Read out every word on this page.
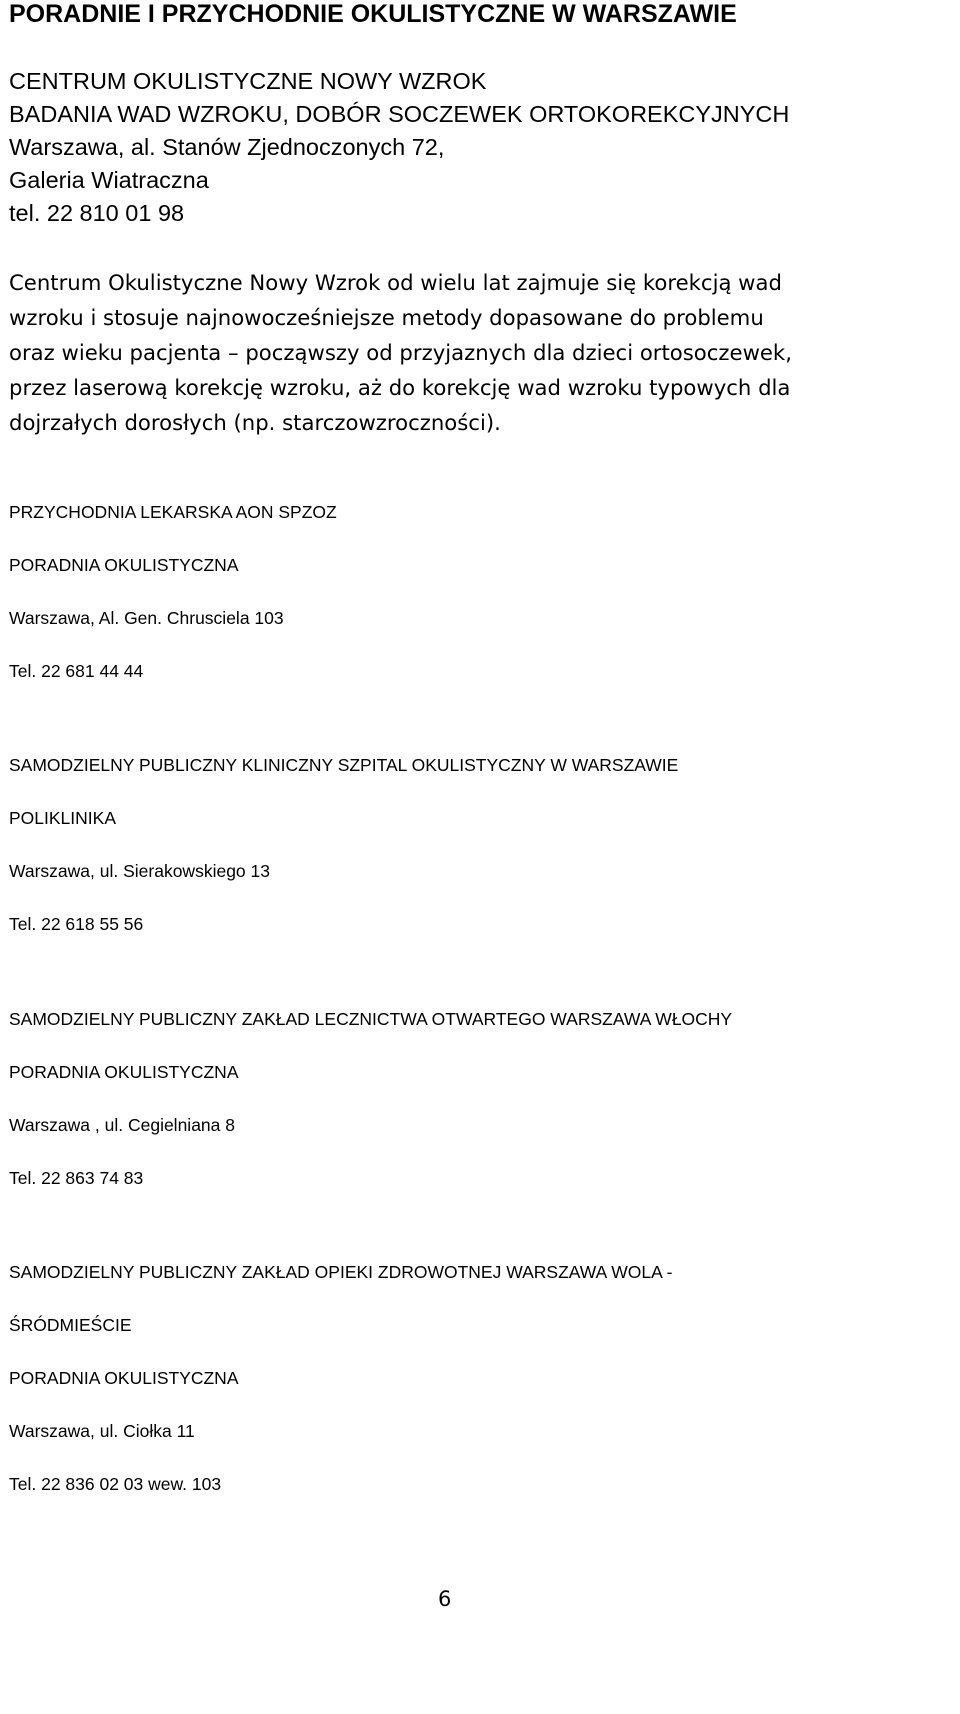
PORADNIE I PRZYCHODNIE OKULISTYCZNE W WARSZAWIE
CENTRUM OKULISTYCZNE NOWY WZROK
BADANIA WAD WZROKU, DOBÓR SOCZEWEK ORTOKOREKCYJNYCH
Warszawa, al. Stanów Zjednoczonych 72,
Galeria Wiatraczna
tel. 22 810 01 98
Centrum Okulistyczne Nowy Wzrok od wielu lat zajmuje się korekcją wad
wzroku i stosuje najnowocześniejsze metody dopasowane do problemu
oraz wieku pacjenta – począwszy od przyjaznych dla dzieci ortosoczewek,
przez laserową korekcję wzroku, aż do korekcję wad wzroku typowych dla
dojrzałych dorosłych (np. starczowzroczności).
PRZYCHODNIA LEKARSKA AON SPZOZ
PORADNIA OKULISTYCZNA
Warszawa, Al. Gen. Chrusciela 103
Tel. 22 681 44 44
SAMODZIELNY PUBLICZNY KLINICZNY SZPITAL OKULISTYCZNY W WARSZAWIE
POLIKLINIKA
Warszawa, ul. Sierakowskiego 13
Tel. 22 618 55 56
SAMODZIELNY PUBLICZNY ZAKŁAD LECZNICTWA OTWARTEGO WARSZAWA WŁOCHY
PORADNIA OKULISTYCZNA
Warszawa , ul. Cegielniana 8
Tel. 22 863 74 83
SAMODZIELNY PUBLICZNY ZAKŁAD OPIEKI ZDROWOTNEJ WARSZAWA WOLA -
ŚRÓDMIEŚCIE
PORADNIA OKULISTYCZNA
Warszawa, ul. Ciołka 11
Tel. 22 836 02 03 wew. 103
6
